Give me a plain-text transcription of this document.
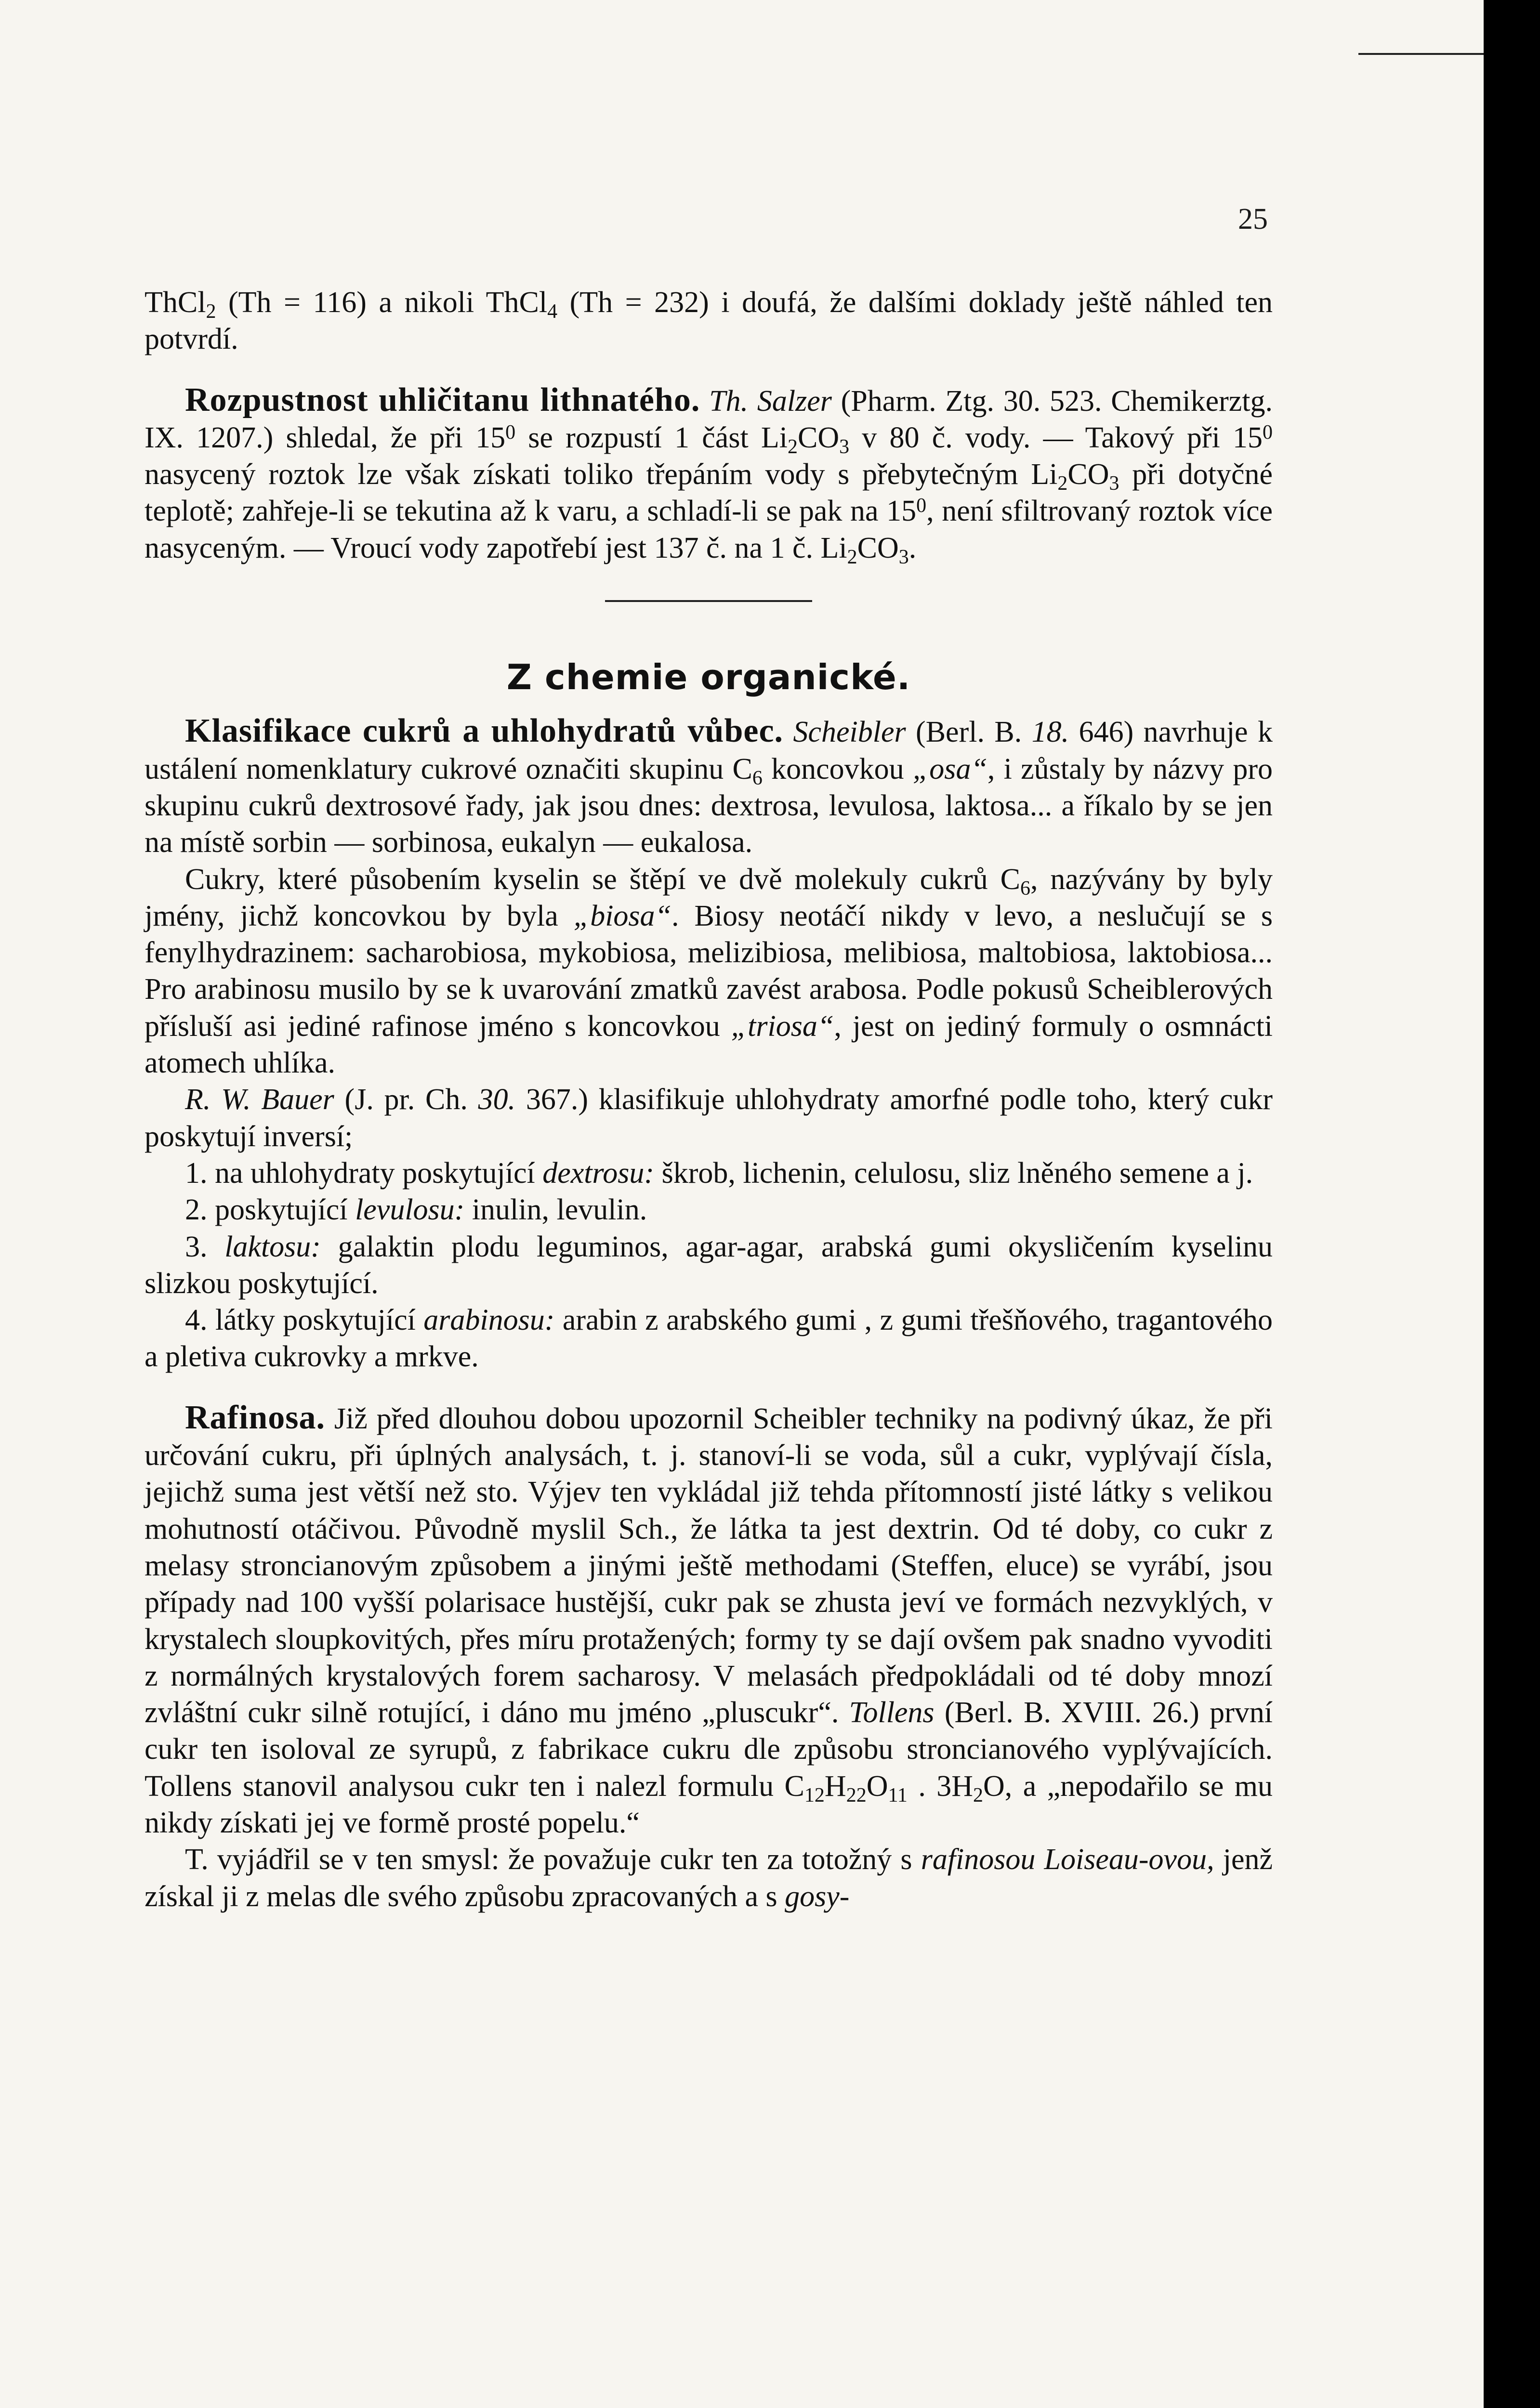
25

ThCl$_2$ (Th = 116) a nikoli ThCl$_4$ (Th = 232) i doufá, že dalšími doklady ještě náhled ten potvrdí.

Rozpustnost uhličitanu lithnatého. Th. Salzer (Pharm. Ztg. 30. 523. Chemikerztg. IX. 1207.) shledal, že při $15^0$ se rozpustí 1 část $Li_2CO_3$ v 80 č. vody. — Takový při $15^0$ nasycený roztok lze však získati toliko třepáním vody s přebytečným $Li_2CO_3$ při dotyčné teplotě; zahřeje-li se tekutina až k varu, a schladí-li se pak na $15^0$, není sfiltrovaný roztok více nasyceným. — Vroucí vody zapotřebí jest 137 č. na 1 č. $Li_2CO_3$.

Z chemie organické.

Klasifikace cukrů a uhlohydratů vůbec. Scheibler (Berl. B. 18. 646) navrhuje k ustálení nomenklatury cukrové označiti skupinu $C_6$ koncovkou „osa“, i zůstaly by názvy pro skupinu cukrů dextrosové řady, jak jsou dnes: dextrosa, levulosa, laktosa... a říkalo by se jen na místě sorbin — sorbinosa, eukalyn — eukalosa.

Cukry, které působením kyselin se štěpí ve dvě molekuly cukrů $C_6$, nazývány by byly jmény, jichž koncovkou by byla „biosa“. Biosy neotáčí nikdy v levo, a neslučují se s fenylhydrazinem: sacharobiosa, mykobiosa, melizibiosa, melibiosa, maltobiosa, laktobiosa... Pro arabinosu musilo by se k uvarování zmatků zavést arabosa. Podle pokusů Scheiblerových přísluší asi jediné rafinose jméno s koncovkou „triosa“, jest on jediný formuly o osmnácti atomech uhlíka.

R. W. Bauer (J. pr. Ch. 30. 367.) klasifikuje uhlohydraty amorfné podle toho, který cukr poskytují inversí;

1. na uhlohydraty poskytující dextrosu: škrob, lichenin, celulosu, sliz lněného semene a j.

2. poskytující levulosu: inulin, levulin.

3. laktosu: galaktin plodu leguminos, agar-agar, arabská gumi okysličením kyselinu slizkou poskytující.

4. látky poskytující arabinosu: arabin z arabského gumi , z gumi třešňového, tragantového a pletiva cukrovky a mrkve.

Rafinosa. Již před dlouhou dobou upozornil Scheibler techniky na podivný úkaz, že při určování cukru, při úplných analysách, t. j. stanoví-li se voda, sůl a cukr, vyplývají čísla, jejichž suma jest větší než sto. Výjev ten vykládal již tehda přítomností jisté látky s velikou mohutností otáčivou. Původně myslil Sch., že látka ta jest dextrin. Od té doby, co cukr z melasy stroncianovým způsobem a jinými ještě methodami (Steffen, eluce) se vyrábí, jsou případy nad 100 vyšší polarisace hustější, cukr pak se zhusta jeví ve formách nezvyklých, v krystalech sloupkovitých, přes míru protažených; formy ty se dají ovšem pak snadno vyvoditi z normálných krystalových forem sacharosy. V melasách předpokládali od té doby mnozí zvláštní cukr silně rotující, i dáno mu jméno „pluscukr“. Tollens (Berl. B. XVIII. 26.) první cukr ten isoloval ze syrupů, z fabrikace cukru dle způsobu stroncianového vyplývajících. Tollens stanovil analysou cukr ten i nalezl formulu $C_{12}H_{22}O_{11}$ . $3H_2O$, a „nepodařilo se mu nikdy získati jej ve formě prosté popelu.“

T. vyjádřil se v ten smysl: že považuje cukr ten za totožný s rafinosou Loiseau-ovou, jenž získal ji z melas dle svého způsobu zpracovaných a s gosy-
